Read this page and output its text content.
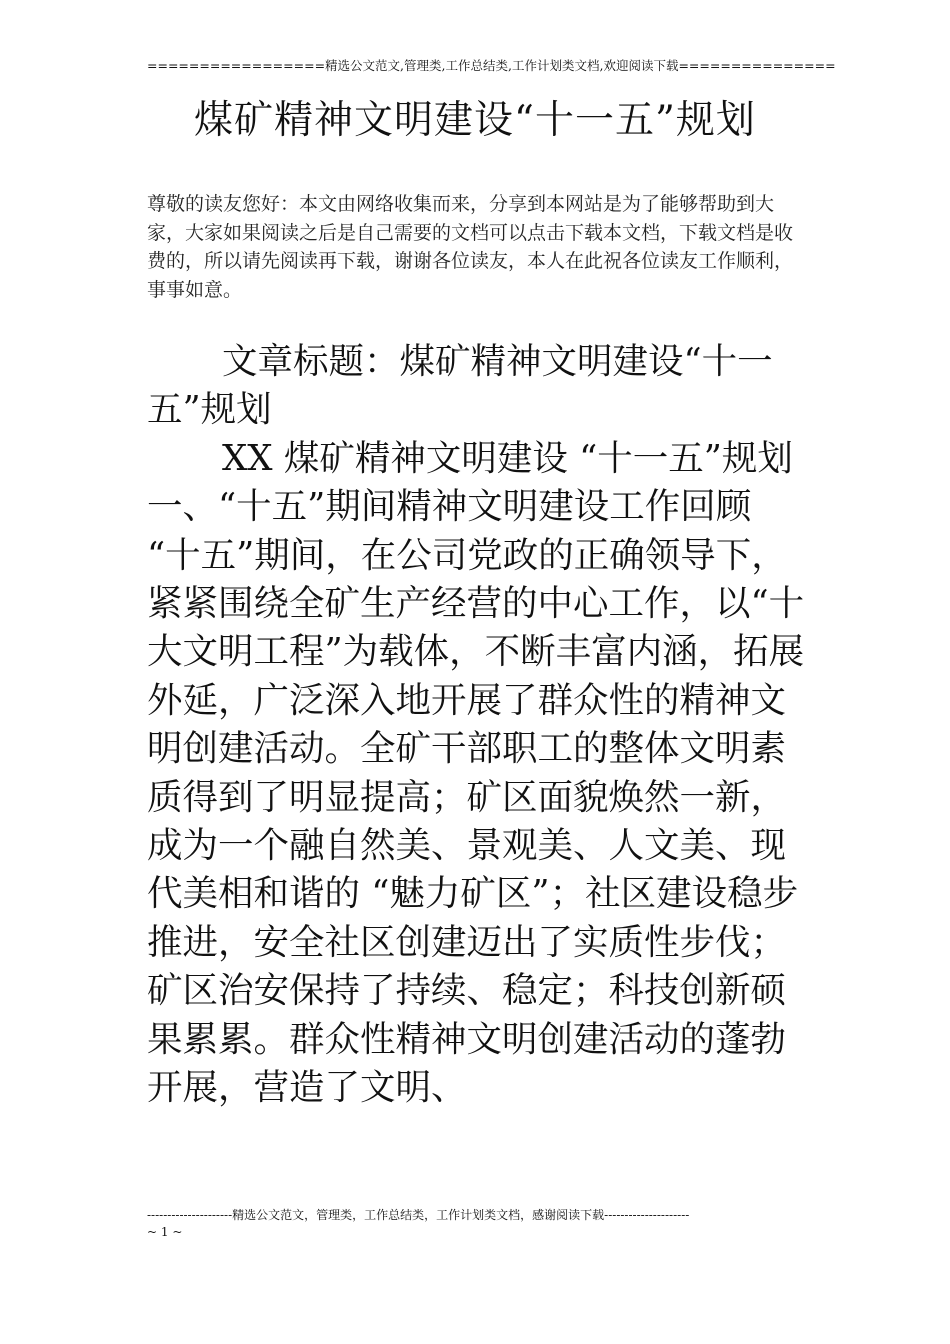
=================精选公文范文,管理类,工作总结类,工作计划类文档,欢迎阅读下载===============
煤矿精神文明建设“十一五”规划
尊敬的读友您好：本文由网络收集而来，分享到本网站是为了能够帮助到大家，大家如果阅读之后是自己需要的文档可以点击下载本文档，下载文档是收费的，所以请先阅读再下载，谢谢各位读友，本人在此祝各位读友工作顺利，事事如意。

文章标题：煤矿精神文明建设“十一五”规划

XX 煤矿精神文明建设 “十一五”规划

一、“十五”期间精神文明建设工作回顾

“十五”期间，在公司党政的正确领导下，紧紧围绕全矿生产经营的中心工作，以“十大文明工程”为载体，不断丰富内涵，拓展外延，广泛深入地开展了群众性的精神文明创建活动。全矿干部职工的整体文明素质得到了明显提高；矿区面貌焕然一新，成为一个融自然美、景观美、人文美、现代美相和谐的 “魅力矿区”；社区建设稳步推进，安全社区创建迈出了实质性步伐；矿区治安保持了持续、稳定；科技创新硕果累累。群众性精神文明创建活动的蓬勃开展，营造了文明、

---------------------精选公文范文，管理类，工作总结类，工作计划类文档，感谢阅读下载---------------------
~ 1 ~
